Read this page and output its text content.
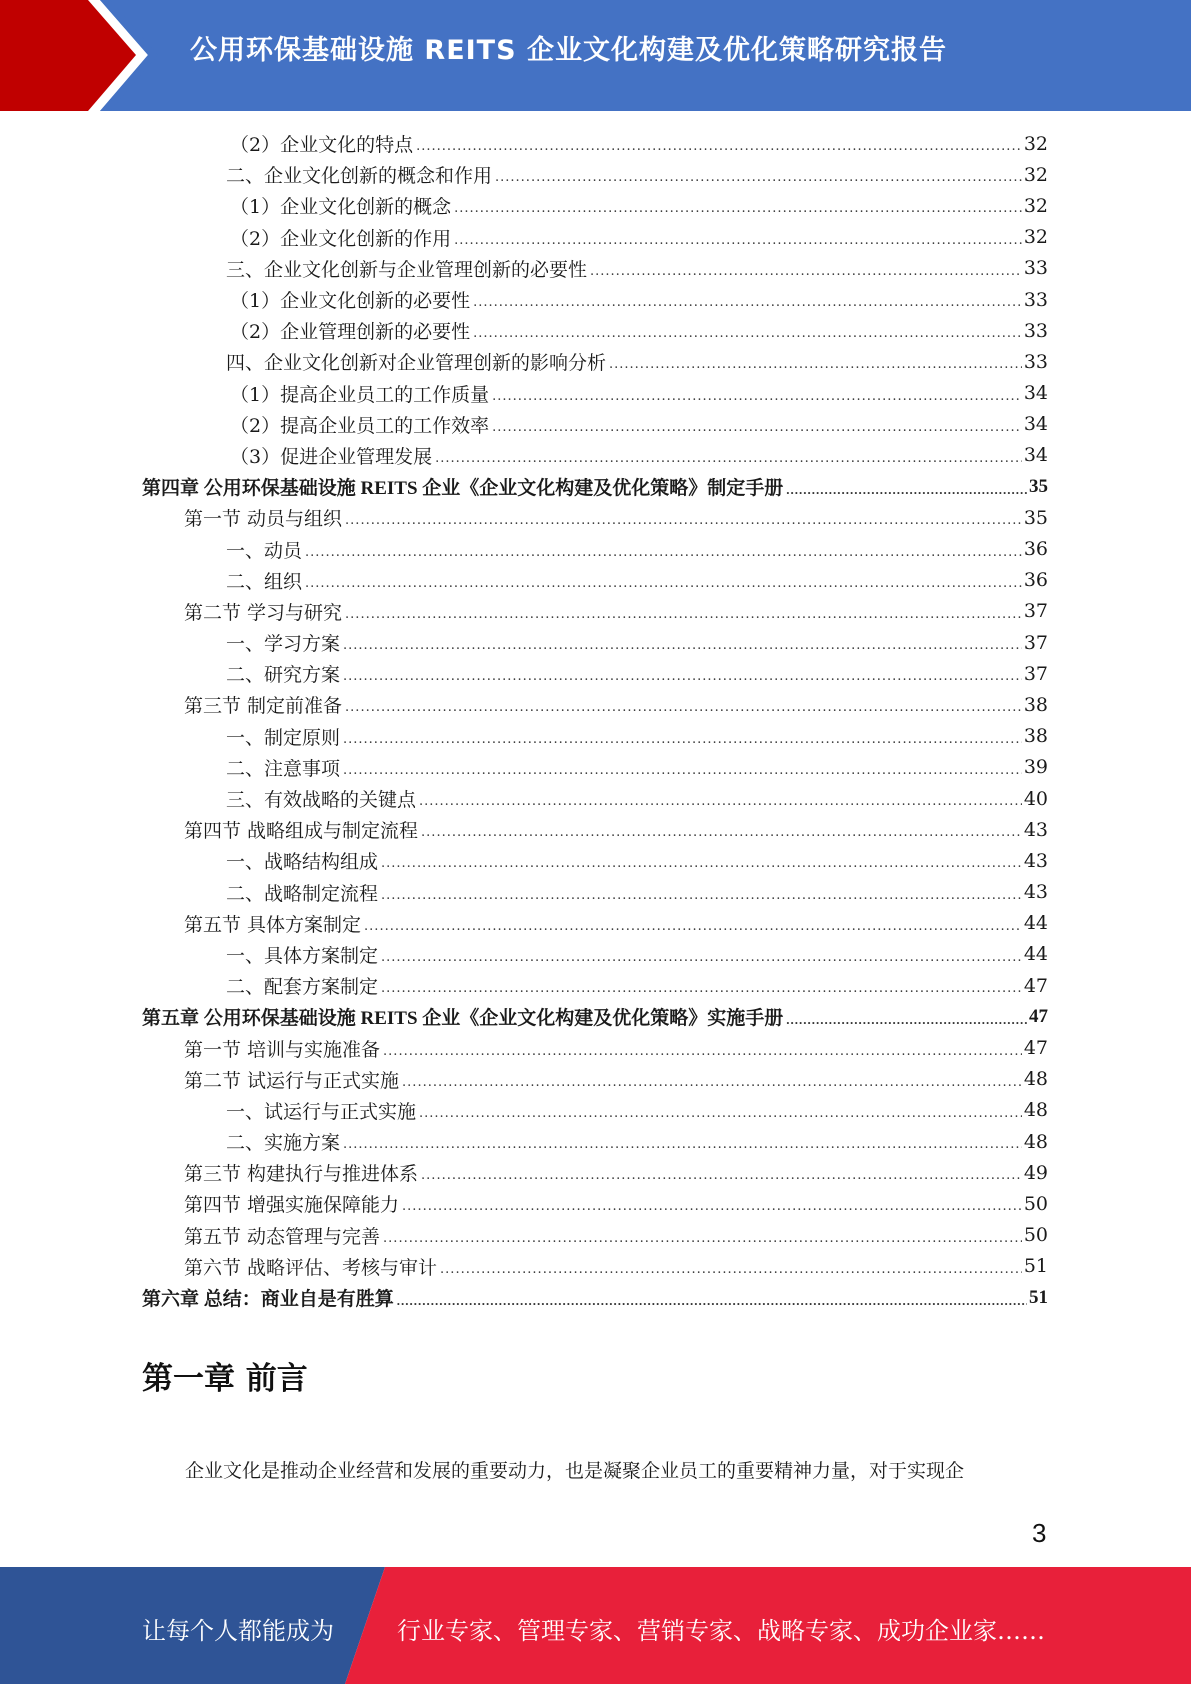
公用环保基础设施 REITS 企业文化构建及优化策略研究报告
（2）企业文化的特点 .....	32
二、企业文化创新的概念和作用 .....	32
（1）企业文化创新的概念 .....	32
（2）企业文化创新的作用 .....	32
三、企业文化创新与企业管理创新的必要性 .....	33
（1）企业文化创新的必要性 .....	33
（2）企业管理创新的必要性 .....	33
四、企业文化创新对企业管理创新的影响分析 .....	33
（1）提高企业员工的工作质量 .....	34
（2）提高企业员工的工作效率 .....	34
（3）促进企业管理发展 .....	34
第四章 公用环保基础设施 REITS 企业《企业文化构建及优化策略》制定手册 .....	35
第一节 动员与组织 .....	35
一、动员 .....	36
二、组织 .....	36
第二节 学习与研究 .....	37
一、学习方案 .....	37
二、研究方案 .....	37
第三节 制定前准备 .....	38
一、制定原则 .....	38
二、注意事项 .....	39
三、有效战略的关键点 .....	40
第四节 战略组成与制定流程 .....	43
一、战略结构组成 .....	43
二、战略制定流程 .....	43
第五节 具体方案制定 .....	44
一、具体方案制定 .....	44
二、配套方案制定 .....	47
第五章 公用环保基础设施 REITS 企业《企业文化构建及优化策略》实施手册 .....	47
第一节 培训与实施准备 .....	47
第二节 试运行与正式实施 .....	48
一、试运行与正式实施 .....	48
二、实施方案 .....	48
第三节 构建执行与推进体系 .....	49
第四节 增强实施保障能力 .....	50
第五节 动态管理与完善 .....	50
第六节 战略评估、考核与审计 .....	51
第六章 总结：商业自是有胜算 .....	51
第一章 前言
企业文化是推动企业经营和发展的重要动力，也是凝聚企业员工的重要精神力量，对于实现企
3
让每个人都能成为	行业专家、管理专家、营销专家、战略专家、成功企业家……
